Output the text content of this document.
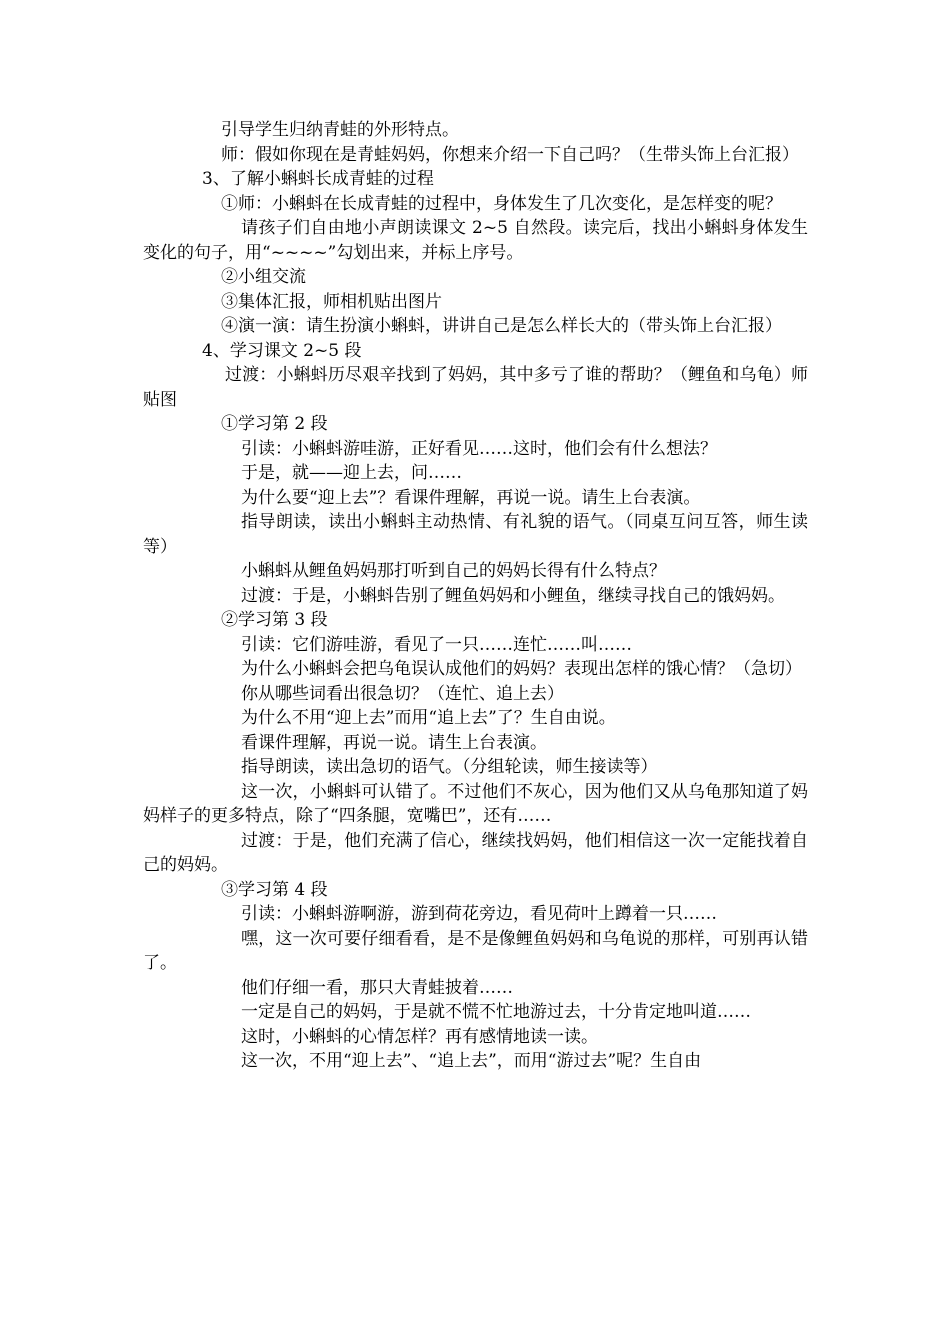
引导学生归纳青蛙的外形特点。

师：假如你现在是青蛙妈妈，你想来介绍一下自己吗？（生带头饰上台汇报）

3、了解小蝌蚪长成青蛙的过程

①师：小蝌蚪在长成青蛙的过程中，身体发生了几次变化，是怎样变的呢？

请孩子们自由地小声朗读课文 2~5 自然段。读完后，找出小蝌蚪身体发生变化的句子，用“~~~~”勾划出来，并标上序号。

②小组交流

③集体汇报，师相机贴出图片

④演一演：请生扮演小蝌蚪，讲讲自己是怎么样长大的（带头饰上台汇报）

4、学习课文 2~5 段

过渡：小蝌蚪历尽艰辛找到了妈妈，其中多亏了谁的帮助？（鲤鱼和乌龟）师贴图

①学习第 2 段

引读：小蝌蚪游哇游，正好看见……这时，他们会有什么想法？

于是，就——迎上去，问……

为什么要“迎上去”？看课件理解，再说一说。请生上台表演。

指导朗读，读出小蝌蚪主动热情、有礼貌的语气。（同桌互问互答，师生读等）

小蝌蚪从鲤鱼妈妈那打听到自己的妈妈长得有什么特点？

过渡：于是，小蝌蚪告别了鲤鱼妈妈和小鲤鱼，继续寻找自己的饿妈妈。

②学习第 3 段

引读：它们游哇游，看见了一只……连忙……叫……

为什么小蝌蚪会把乌龟误认成他们的妈妈？表现出怎样的饿心情？（急切）

你从哪些词看出很急切？（连忙、追上去）

为什么不用“迎上去”而用“追上去”了？生自由说。

看课件理解，再说一说。请生上台表演。

指导朗读，读出急切的语气。（分组轮读，师生接读等）

这一次，小蝌蚪可认错了。不过他们不灰心，因为他们又从乌龟那知道了妈妈样子的更多特点，除了“四条腿，宽嘴巴”，还有……

过渡：于是，他们充满了信心，继续找妈妈，他们相信这一次一定能找着自己的妈妈。

③学习第 4 段

引读：小蝌蚪游啊游，游到荷花旁边，看见荷叶上蹲着一只……

嘿，这一次可要仔细看看，是不是像鲤鱼妈妈和乌龟说的那样，可别再认错了。

他们仔细一看，那只大青蛙披着……

一定是自己的妈妈，于是就不慌不忙地游过去，十分肯定地叫道……

这时，小蝌蚪的心情怎样？再有感情地读一读。

这一次，不用“迎上去”、“追上去”，而用“游过去”呢？生自由
